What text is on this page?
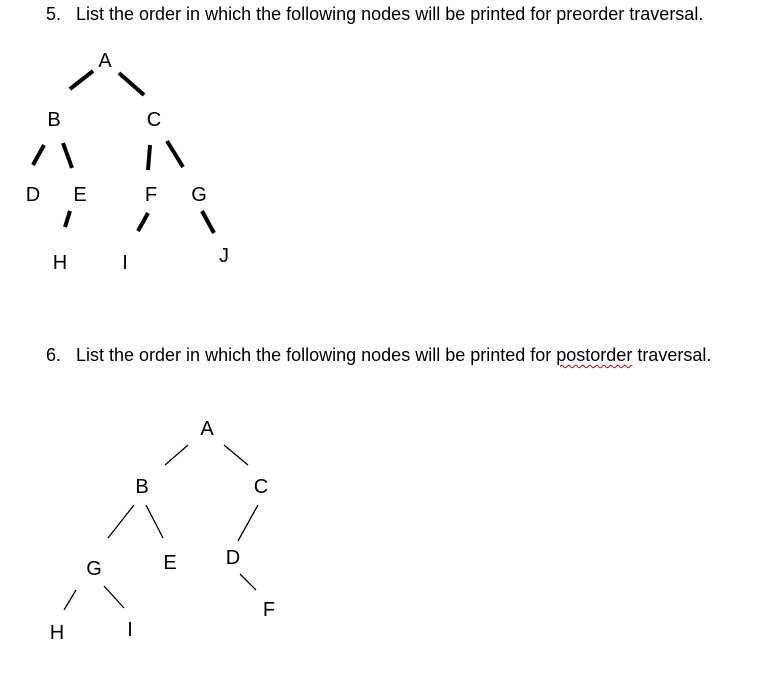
5. List the order in which the following nodes will be printed for preorder traversal.
6. List the order in which the following nodes will be printed for postorder traversal.
A
B	C
D E	F G
H	I	J
A
B	C
G	E D
H	I
F
